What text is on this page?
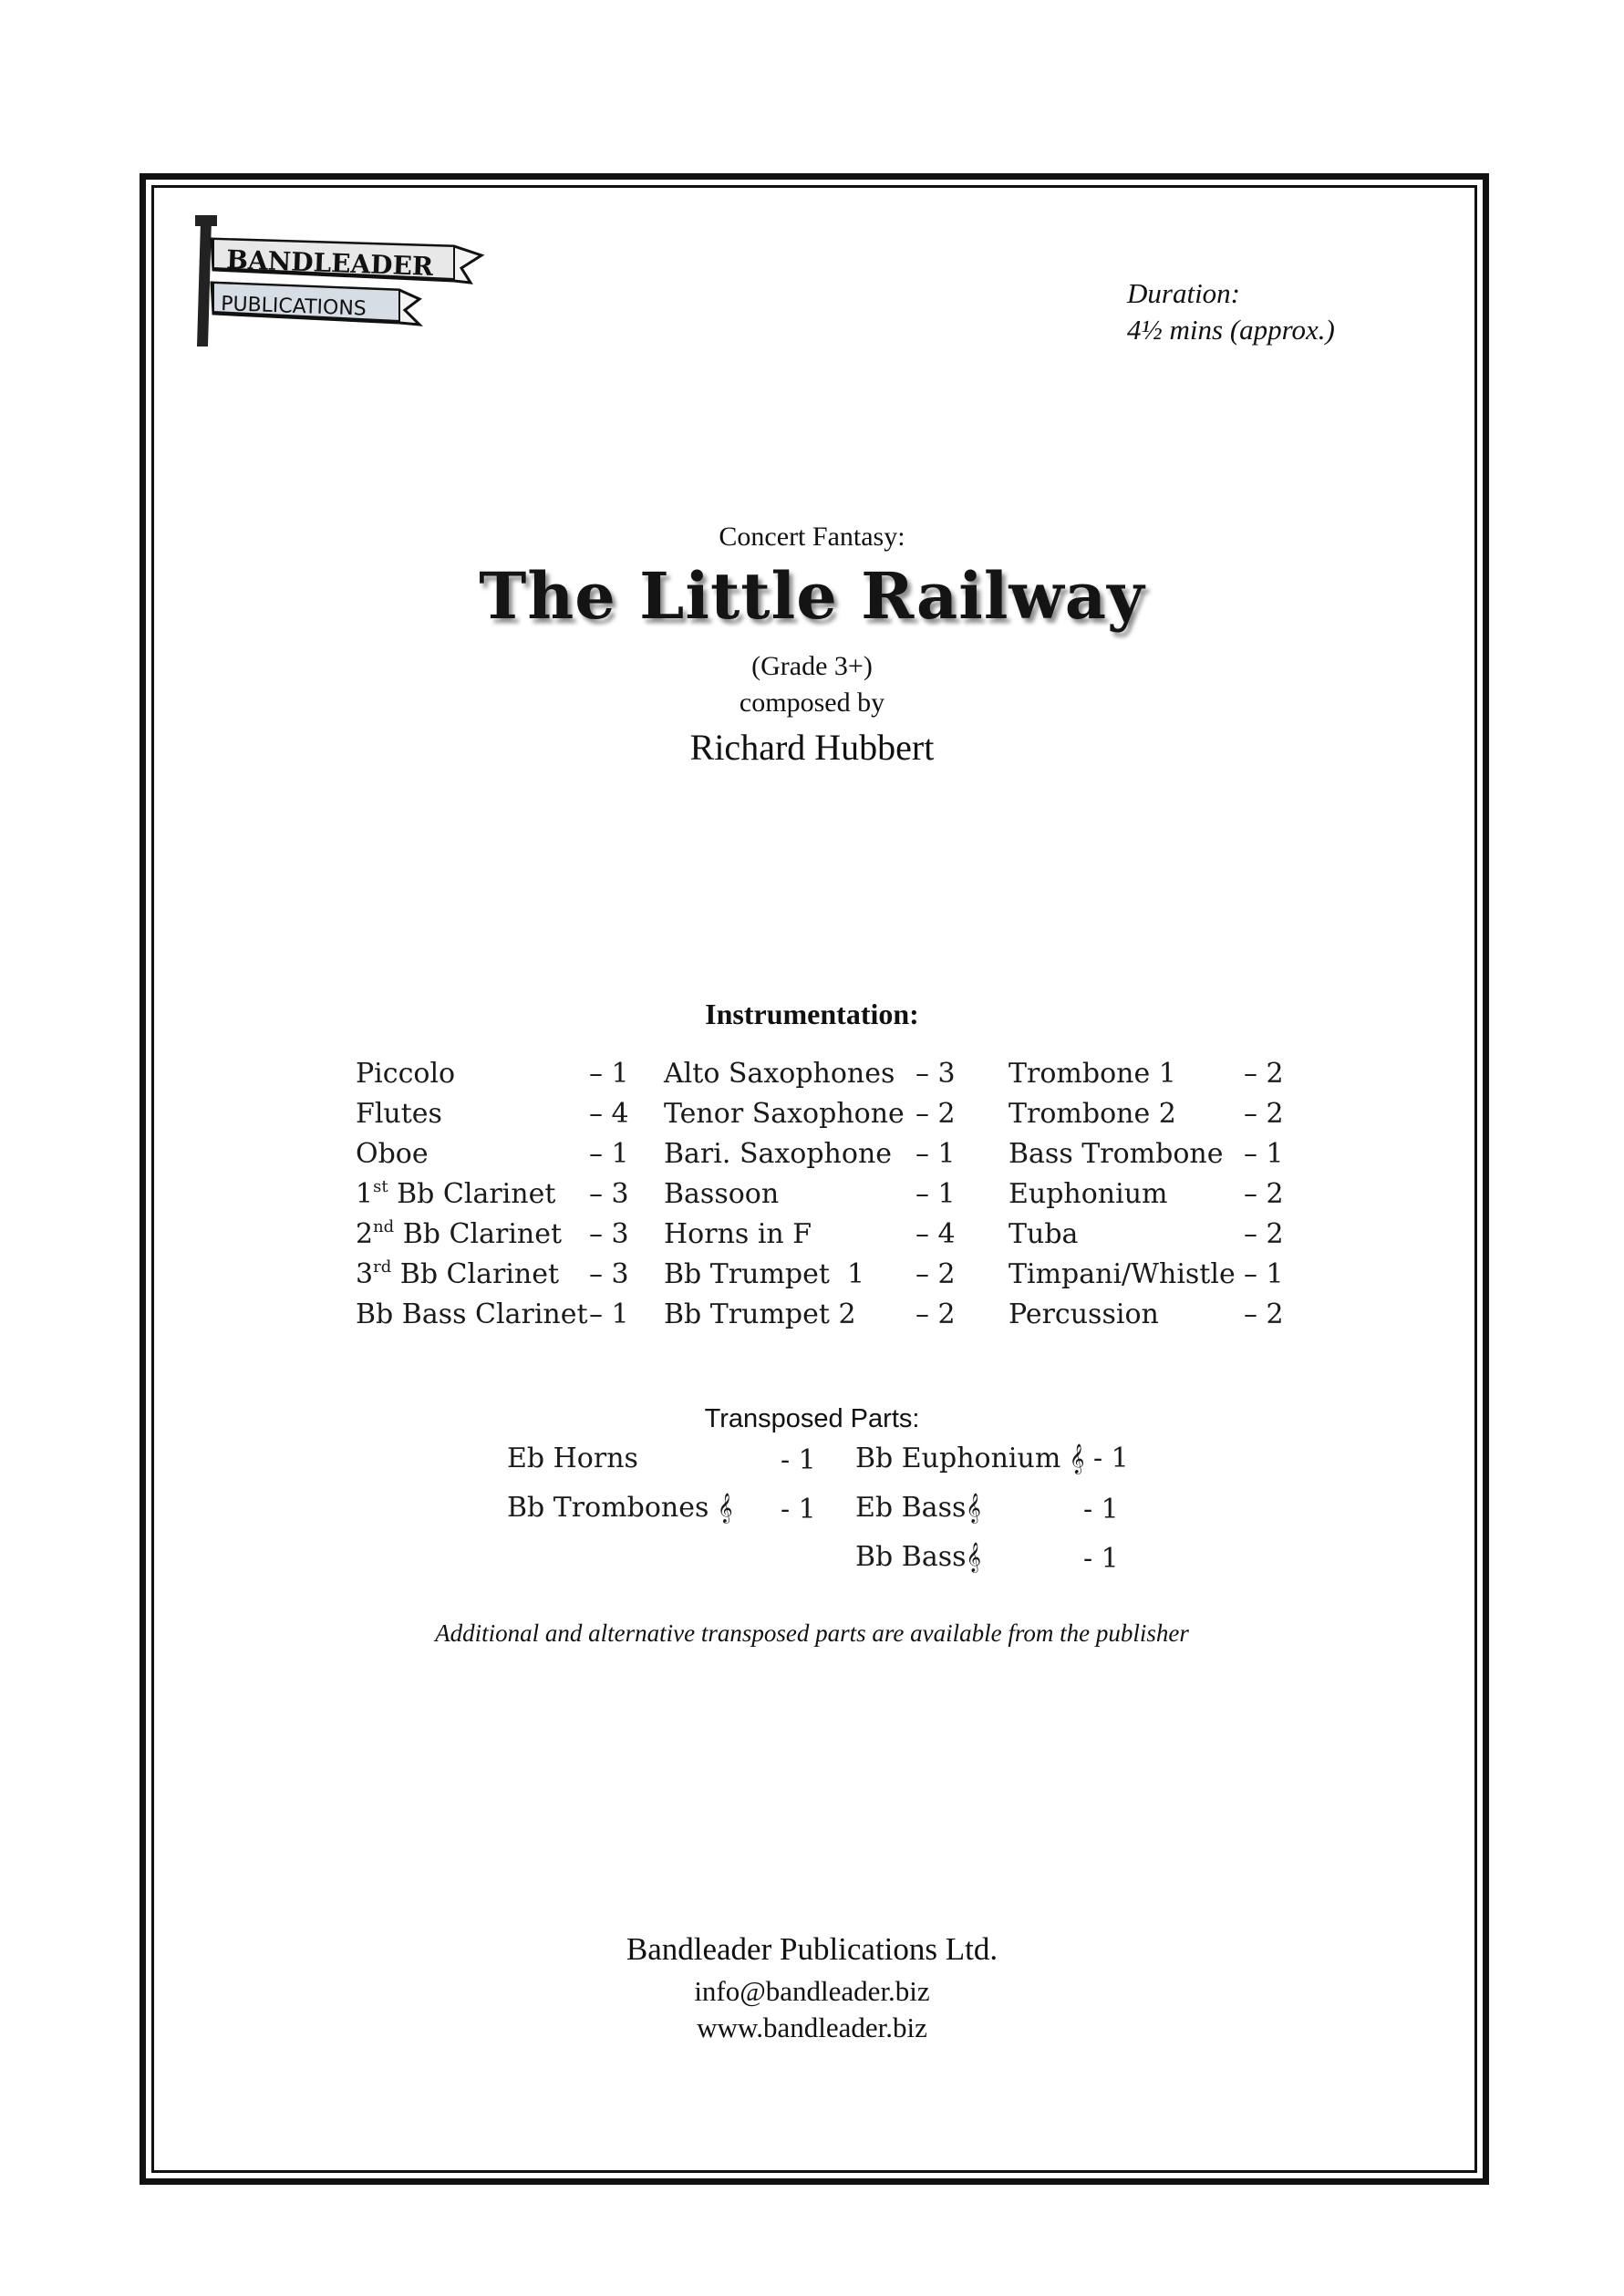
BANDLEADER
PUBLICATIONS	Duration:
4½ mins (approx.)
Concert Fantasy:
The Little Railway
(Grade 3+)
composed by
Richard Hubbert
Instrumentation:
Piccolo	– 1
Flutes	– 4
Oboe	– 1
1st Bb Clarinet – 3
2nd Bb Clarinet – 3
3rd Bb Clarinet – 3
Bb Bass Clarinet – 1
Alto Saxophones – 3
Tenor Saxophone – 2
Bari. Saxophone – 1
Bassoon	– 1
Horns in F	– 4
Bb Trumpet  1 – 2
Bb Trumpet 2 – 2
Trombone 1 – 2
Trombone 2 – 2
Bass Trombone – 1
Euphonium	– 2
Tuba	– 2
Timpani/Whistle – 1
Percussion	– 2
Transposed Parts:
Eb Horns	- 1
Bb Trombones 𝄞 - 1
Bb Euphonium 𝄞 - 1
Eb Bass𝄞	- 1
Bb Bass𝄞	- 1
Additional and alternative transposed parts are available from the publisher
Bandleader Publications Ltd.
info@bandleader.biz
www.bandleader.biz
